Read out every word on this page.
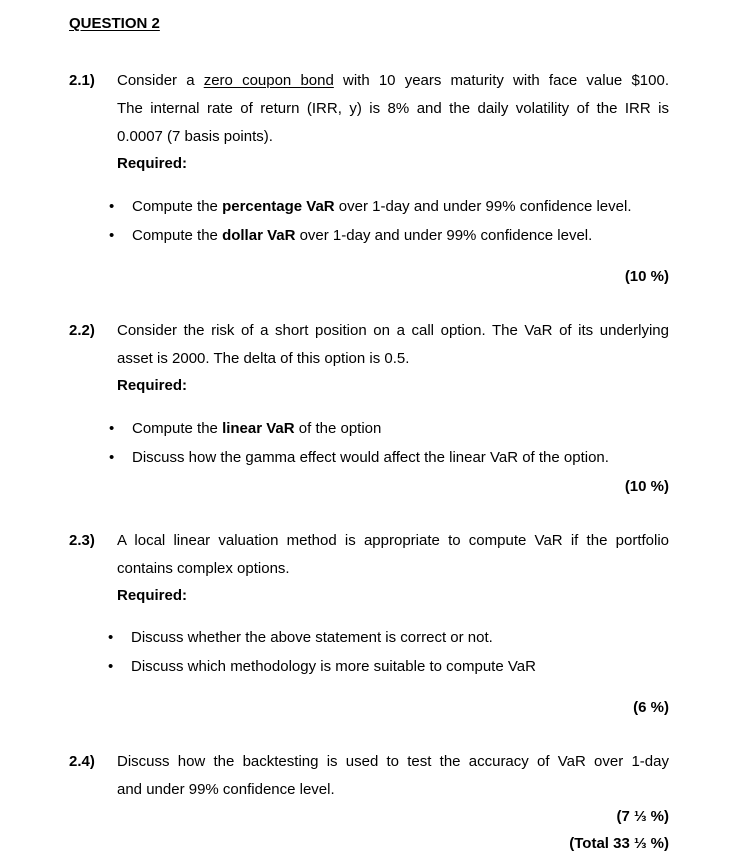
QUESTION 2
2.1) Consider a zero coupon bond with 10 years maturity with face value $100.
The internal rate of return (IRR, y) is 8% and the daily volatility of the IRR is
0.0007 (7 basis points).
Required:
• Compute the percentage VaR over 1-day and under 99% confidence level.
• Compute the dollar VaR over 1-day and under 99% confidence level.
(10 %)
2.2) Consider the risk of a short position on a call option. The VaR of its underlying
asset is 2000. The delta of this option is 0.5.
Required:
• Compute the linear VaR of the option
• Discuss how the gamma effect would affect the linear VaR of the option.
(10 %)
2.3) A local linear valuation method is appropriate to compute VaR if the portfolio
contains complex options.
Required:
• Discuss whether the above statement is correct or not.
• Discuss which methodology is more suitable to compute VaR
(6 %)
2.4) Discuss how the backtesting is used to test the accuracy of VaR over 1-day
and under 99% confidence level.
(7 ⅓ %)
(Total 33 ⅓ %)
